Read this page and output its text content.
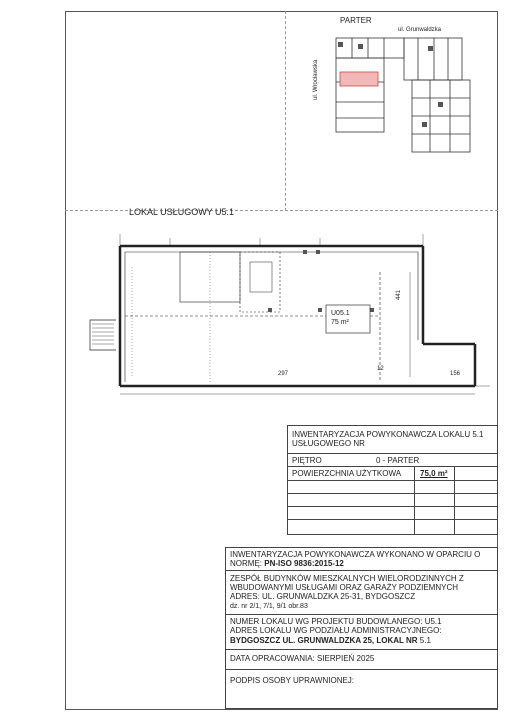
PARTER
ul. Grunwaldzka
ul. Wrocławska
LOKAL USŁUGOWY U5.1
U05.1
75 m²
297
12
156
441
INWENTARYZACJA POWYKONAWCZA LOKALU 5.1
USŁUGOWEGO NR
PIĘTRO	0 - PARTER
POWIERZCHNIA UŻYTKOWA 75,0 m²
INWENTARYZACJA POWYKONAWCZA WYKONANO W OPARCIU O
NORMĘ: PN-ISO 9836:2015-12
ZESPÓŁ BUDYNKÓW MIESZKALNYCH WIELORODZINNYCH Z
WBUDOWANYMI USŁUGAMI ORAZ GARAŻY PODZIEMNYCH
ADRES: UL. GRUNWALDZKA 25-31, BYDGOSZCZ
dz. nr 2/1, 7/1, 9/1 obr.83
NUMER LOKALU WG PROJEKTU BUDOWLANEGO: U5.1
ADRES LOKALU WG PODZIAŁU ADMINISTRACYJNEGO:
BYDGOSZCZ UL. GRUNWALDZKA 25, LOKAL NR 5.1
DATA OPRACOWANIA: SIERPIEŃ 2025
PODPIS OSOBY UPRAWNIONEJ:
